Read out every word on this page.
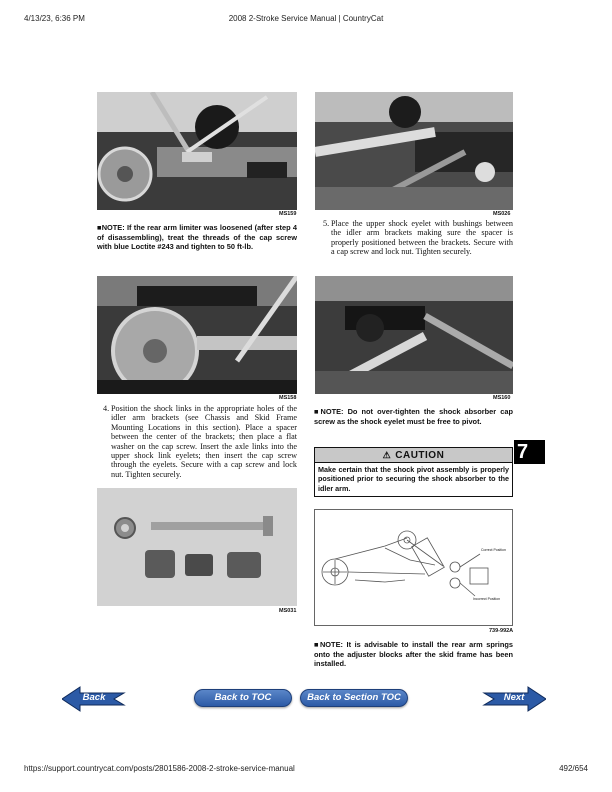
4/13/23, 6:36 PM	2008 2-Stroke Service Manual | CountryCat
MS159
■NOTE: If the rear arm limiter was loosened (after step 4 of disassembling), treat the threads of the cap screw with blue Loctite #243 and tighten to 50 ft-lb.
MS026
5. Place the upper shock eyelet with bushings between the idler arm brackets making sure the spacer is properly positioned between the brackets. Secure with a cap screw and lock nut. Tighten securely.
MS158
4. Position the shock links in the appropriate holes of the idler arm brackets (see Chassis and Skid Frame Mounting Locations in this section). Place a spacer between the center of the brackets; then place a flat washer on the cap screw. Insert the axle links into the upper shock link eyelets; then insert the cap screw through the eyelets. Secure with a cap screw and lock nut. Tighten securely.
MS160
■NOTE: Do not over-tighten the shock absorber cap screw as the shock eyelet must be free to pivot.
7
⚠ CAUTION
Make certain that the shock pivot assembly is properly positioned prior to securing the shock absorber to the idler arm.
MS031
Correct Position
Incorrect Position
739-992A
■NOTE: It is advisable to install the rear arm springs onto the adjuster blocks after the skid frame has been installed.
Back	Back to TOC	Back to Section TOC	Next
https://support.countrycat.com/posts/2801586-2008-2-stroke-service-manual	492/654
